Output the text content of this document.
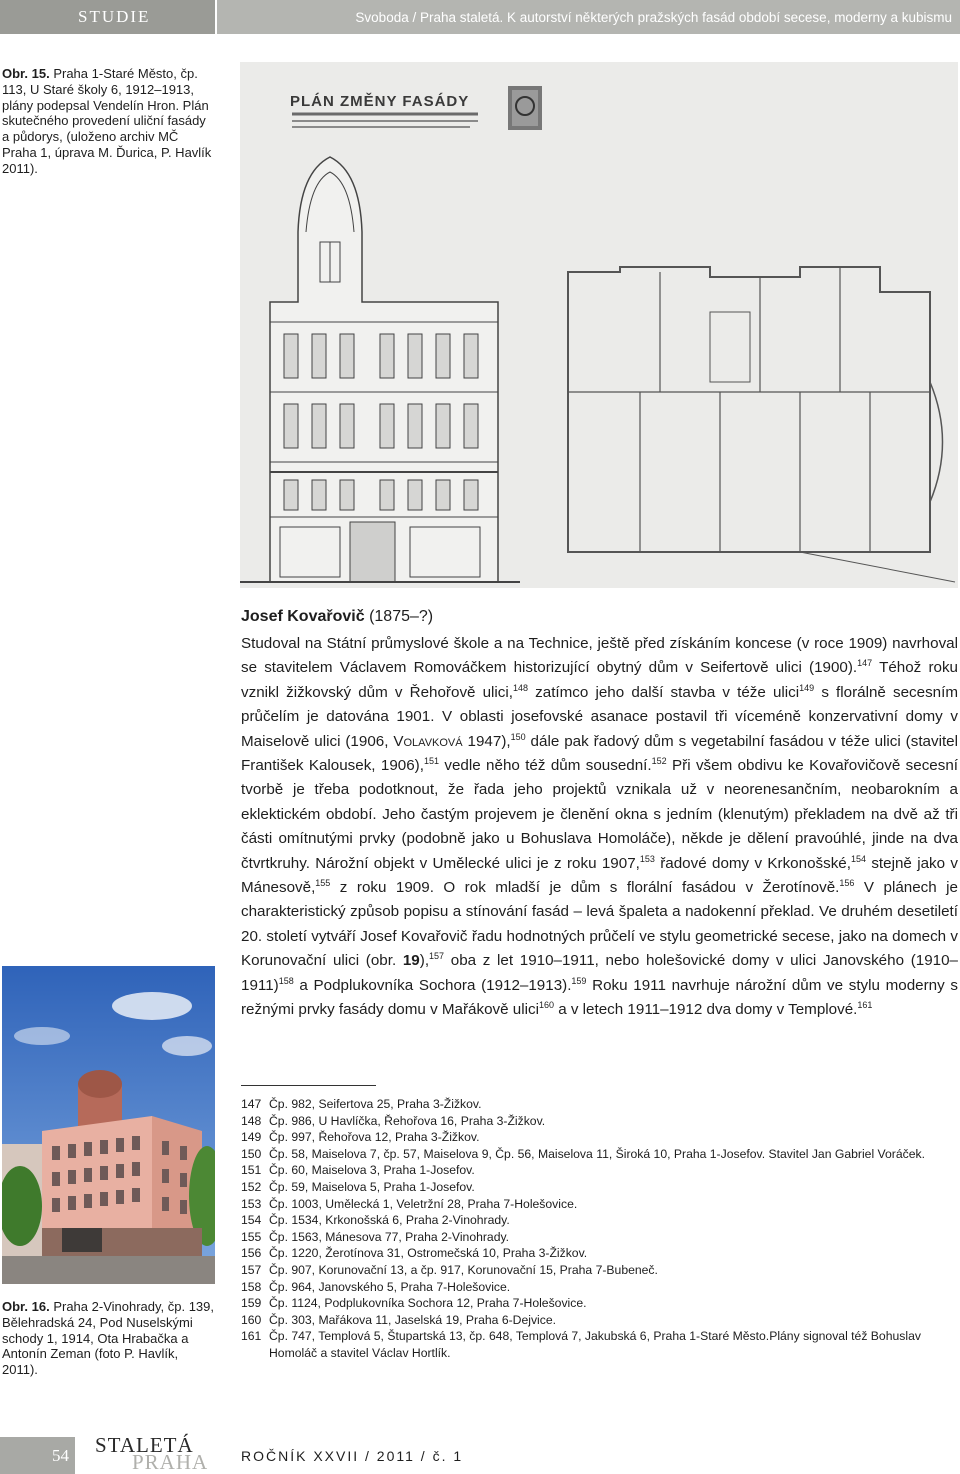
STUDIE	Svoboda / Praha staletá. K autorství některých pražských fasád období secese, moderny a kubismu
Obr. 15. Praha 1-Staré Město, čp. 113, U Staré školy 6, 1912–1913, plány podepsal Vendelín Hron. Plán skutečného provedení uliční fasády a půdorys, (uloženo archiv MČ Praha 1, úprava M. Ďurica, P. Havlík 2011).
PLÁN ZMĚNY FASÁDY
Josef Kovařovič (1875–?)

Studoval na Státní průmyslové škole a na Technice, ještě před získáním koncese (v roce 1909) navrhoval se stavitelem Václavem Romováčkem historizující obytný dům v Seifertově ulici (1900).$^{147}$ Téhož roku vznikl žižkovský dům v Řehořově ulici,$^{148}$ zatímco jeho další stavba v téže ulici$^{149}$ s florálně secesním průčelím je datována 1901. V oblasti josefovské asanace postavil tři víceméně konzervativní domy v Maiselově ulici (1906, Volavková 1947),$^{150}$ dále pak řadový dům s vegetabilní fasádou v téže ulici (stavitel František Kalousek, 1906),$^{151}$ vedle něho též dům sousední.$^{152}$ Při všem obdivu ke Kovařovičově secesní tvorbě je třeba podotknout, že řada jeho projektů vznikala už v neorenesančním, neobarokním a eklektickém období. Jeho častým projevem je členění okna s jedním (klenutým) překladem na dvě až tři části omítnutými prvky (podobně jako u Bohuslava Homoláče), někde je dělení pravoúhlé, jinde na dva čtvrtkruhy. Nárožní objekt v Umělecké ulici je z roku 1907,$^{153}$ řadové domy v Krkonošské,$^{154}$ stejně jako v Mánesově,$^{155}$ z roku 1909. O rok mladší je dům s florální fasádou v Žerotínově.$^{156}$ V plánech je charakteristický způsob popisu a stínování fasád – levá špaleta a nadokenní překlad. Ve druhém desetiletí 20. století vytváří Josef Kovařovič řadu hodnotných průčelí ve stylu geometrické secese, jako na domech v Korunovační ulici (obr. 19),$^{157}$ oba z let 1910–1911, nebo holešovické domy v ulici Janovského (1910–1911)$^{158}$ a Podplukovníka Sochora (1912–1913).$^{159}$ Roku 1911 navrhuje nárožní dům ve stylu moderny s režnými prvky fasády domu v Mařákově ulici$^{160}$ a v letech 1911–1912 dva domy v Templové.$^{161}$

Obr. 16. Praha 2-Vinohrady, čp. 139, Bělehradská 24, Pod Nuselskými schody 1, 1914, Ota Hrabačka a Antonín Zeman (foto P. Havlík, 2011).
147 Čp. 982, Seifertova 25, Praha 3-Žižkov.
148 Čp. 986, U Havlíčka, Řehořova 16, Praha 3-Žižkov.
149 Čp. 997, Řehořova 12, Praha 3-Žižkov.
150 Čp. 58, Maiselova 7, čp. 57, Maiselova 9, Čp. 56, Maiselova 11, Široká 10, Praha 1-Josefov. Stavitel Jan Gabriel Voráček.
151 Čp. 60, Maiselova 3, Praha 1-Josefov.
152 Čp. 59, Maiselova 5, Praha 1-Josefov.
153 Čp. 1003, Umělecká 1, Veletržní 28, Praha 7-Holešovice.
154 Čp. 1534, Krkonošská 6, Praha 2-Vinohrady.
155 Čp. 1563, Mánesova 77, Praha 2-Vinohrady.
156 Čp. 1220, Žerotínova 31, Ostromečská 10, Praha 3-Žižkov.
157 Čp. 907, Korunovační 13, a čp. 917, Korunovační 15, Praha 7-Bubeneč.
158 Čp. 964, Janovského 5, Praha 7-Holešovice.
159 Čp. 1124, Podplukovníka Sochora 12, Praha 7-Holešovice.
160 Čp. 303, Mařákova 11, Jaselská 19, Praha 6-Dejvice.
161 Čp. 747, Templová 5, Štupartská 13, čp. 648, Templová 7, Jakubská 6, Praha 1-Staré Město.Plány signoval též Bohuslav Homoláč a stavitel Václav Hortlík.
54 STALETÁ
PRAHA ROČNÍK XXVII / 2011 / č. 1
